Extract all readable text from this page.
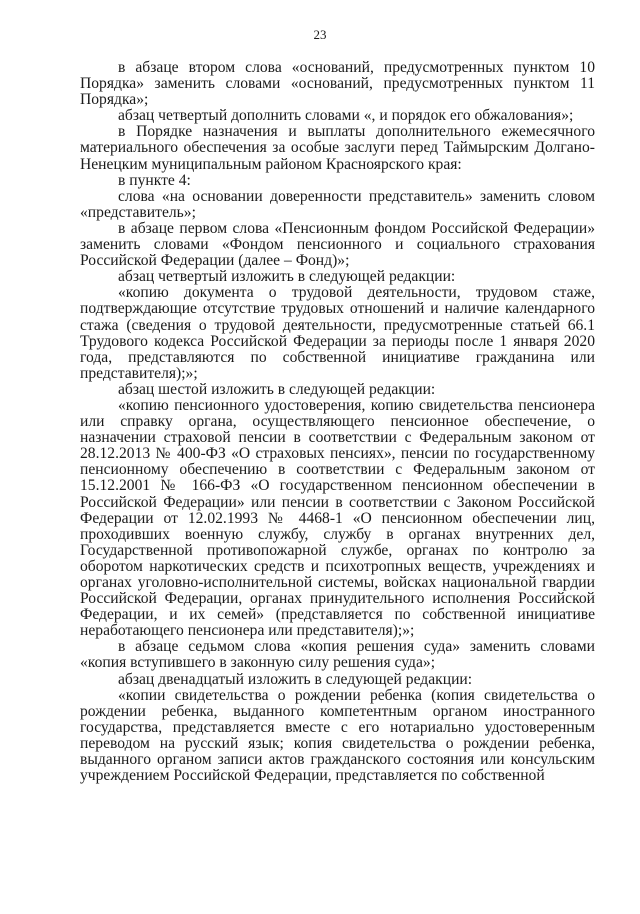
23

в абзаце втором слова «оснований, предусмотренных пунктом 10 Порядка» заменить словами «оснований, предусмотренных пунктом 11 Порядка»;

абзац четвертый дополнить словами «, и порядок его обжалования»;

в Порядке назначения и выплаты дополнительного ежемесячного материального обеспечения за особые заслуги перед Таймырским Долгано-Ненецким муниципальным районом Красноярского края:

в пункте 4:

слова «на основании доверенности представитель» заменить словом «представитель»;

в абзаце первом слова «Пенсионным фондом Российской Федерации» заменить словами «Фондом пенсионного и социального страхования Российской Федерации (далее – Фонд)»;

абзац четвертый изложить в следующей редакции:

«копию документа о трудовой деятельности, трудовом стаже, подтверждающие отсутствие трудовых отношений и наличие календарного стажа (сведения о трудовой деятельности, предусмотренные статьей 66.1 Трудового кодекса Российской Федерации за периоды после 1 января 2020 года, представляются по собственной инициативе гражданина или представителя);»;

абзац шестой изложить в следующей редакции:

«копию пенсионного удостоверения, копию свидетельства пенсионера или справку органа, осуществляющего пенсионное обеспечение, о назначении страховой пенсии в соответствии с Федеральным законом от 28.12.2013 № 400-ФЗ «О страховых пенсиях», пенсии по государственному пенсионному обеспечению в соответствии с Федеральным законом от 15.12.2001 № 166-ФЗ «О государственном пенсионном обеспечении в Российской Федерации» или пенсии в соответствии с Законом Российской Федерации от 12.02.1993 № 4468-1 «О пенсионном обеспечении лиц, проходивших военную службу, службу в органах внутренних дел, Государственной противопожарной службе, органах по контролю за оборотом наркотических средств и психотропных веществ, учреждениях и органах уголовно-исполнительной системы, войсках национальной гвардии Российской Федерации, органах принудительного исполнения Российской Федерации, и их семей» (представляется по собственной инициативе неработающего пенсионера или представителя);»;

в абзаце седьмом слова «копия решения суда» заменить словами «копия вступившего в законную силу решения суда»;

абзац двенадцатый изложить в следующей редакции:

«копии свидетельства о рождении ребенка (копия свидетельства о рождении ребенка, выданного компетентным органом иностранного государства, представляется вместе с его нотариально удостоверенным переводом на русский язык; копия свидетельства о рождении ребенка, выданного органом записи актов гражданского состояния или консульским учреждением Российской Федерации, представляется по собственной
